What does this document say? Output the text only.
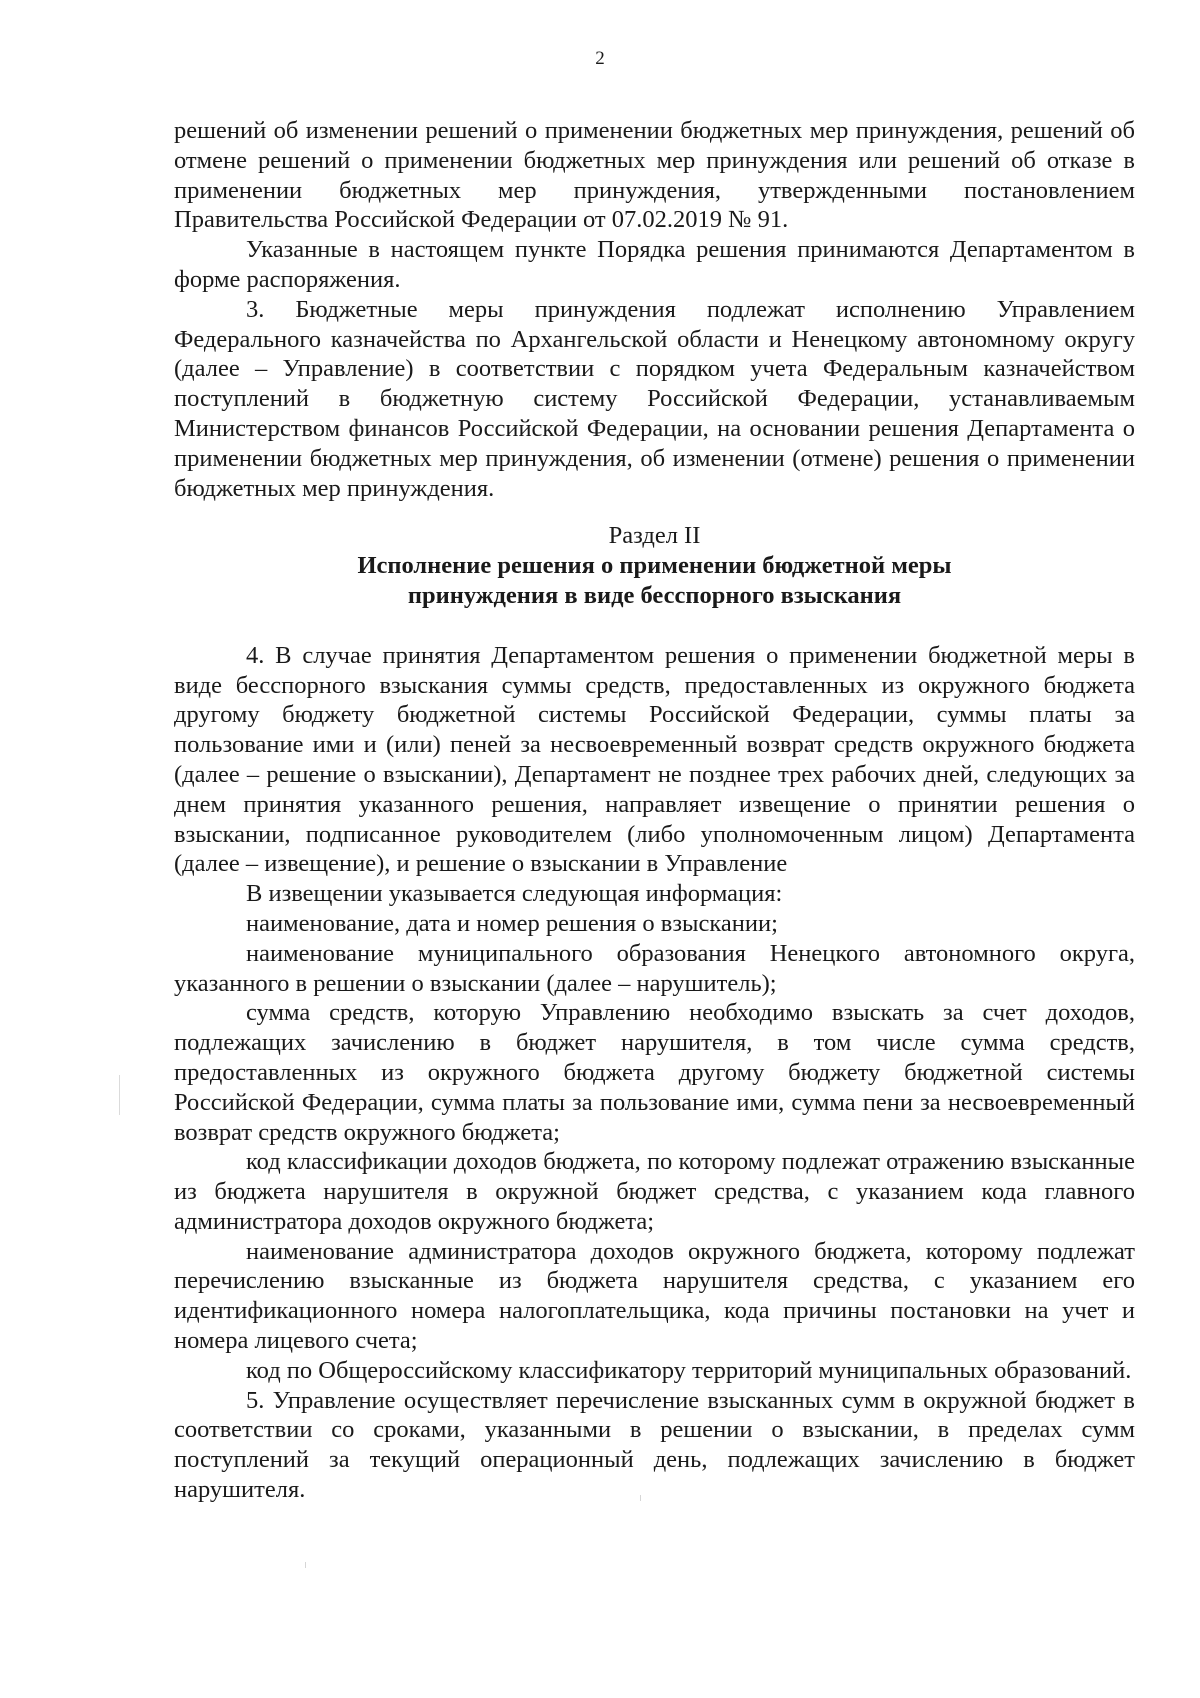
2

решений об изменении решений о применении бюджетных мер принуждения, решений об отмене решений о применении бюджетных мер принуждения или решений об отказе в применении бюджетных мер принуждения, утвержденными постановлением Правительства Российской Федерации от 07.02.2019 № 91.

Указанные в настоящем пункте Порядка решения принимаются Департаментом в форме распоряжения.

3. Бюджетные меры принуждения подлежат исполнению Управлением Федерального казначейства по Архангельской области и Ненецкому автономному округу (далее – Управление) в соответствии с порядком учета Федеральным казначейством поступлений в бюджетную систему Российской Федерации, устанавливаемым Министерством финансов Российской Федерации, на основании решения Департамента о применении бюджетных мер принуждения, об изменении (отмене) решения о применении бюджетных мер принуждения.

Раздел II

Исполнение решения о применении бюджетной меры
принуждения в виде бесспорного взыскания

4. В случае принятия Департаментом решения о применении бюджетной меры в виде бесспорного взыскания суммы средств, предоставленных из окружного бюджета другому бюджету бюджетной системы Российской Федерации, суммы платы за пользование ими и (или) пеней за несвоевременный возврат средств окружного бюджета (далее – решение о взыскании), Департамент не позднее трех рабочих дней, следующих за днем принятия указанного решения, направляет извещение о принятии решения о взыскании, подписанное руководителем (либо уполномоченным лицом) Департамента (далее – извещение), и решение о взыскании в Управление

В извещении указывается следующая информация:

наименование, дата и номер решения о взыскании;

наименование муниципального образования Ненецкого автономного округа, указанного в решении о взыскании (далее – нарушитель);

сумма средств, которую Управлению необходимо взыскать за счет доходов, подлежащих зачислению в бюджет нарушителя, в том числе сумма средств, предоставленных из окружного бюджета другому бюджету бюджетной системы Российской Федерации, сумма платы за пользование ими, сумма пени за несвоевременный возврат средств окружного бюджета;

код классификации доходов бюджета, по которому подлежат отражению взысканные из бюджета нарушителя в окружной бюджет средства, с указанием кода главного администратора доходов окружного бюджета;

наименование администратора доходов окружного бюджета, которому подлежат перечислению взысканные из бюджета нарушителя средства, с указанием его идентификационного номера налогоплательщика, кода причины постановки на учет и номера лицевого счета;

код по Общероссийскому классификатору территорий муниципальных образований.

5. Управление осуществляет перечисление взысканных сумм в окружной бюджет в соответствии со сроками, указанными в решении о взыскании, в пределах сумм поступлений за текущий операционный день, подлежащих зачислению в бюджет нарушителя.
